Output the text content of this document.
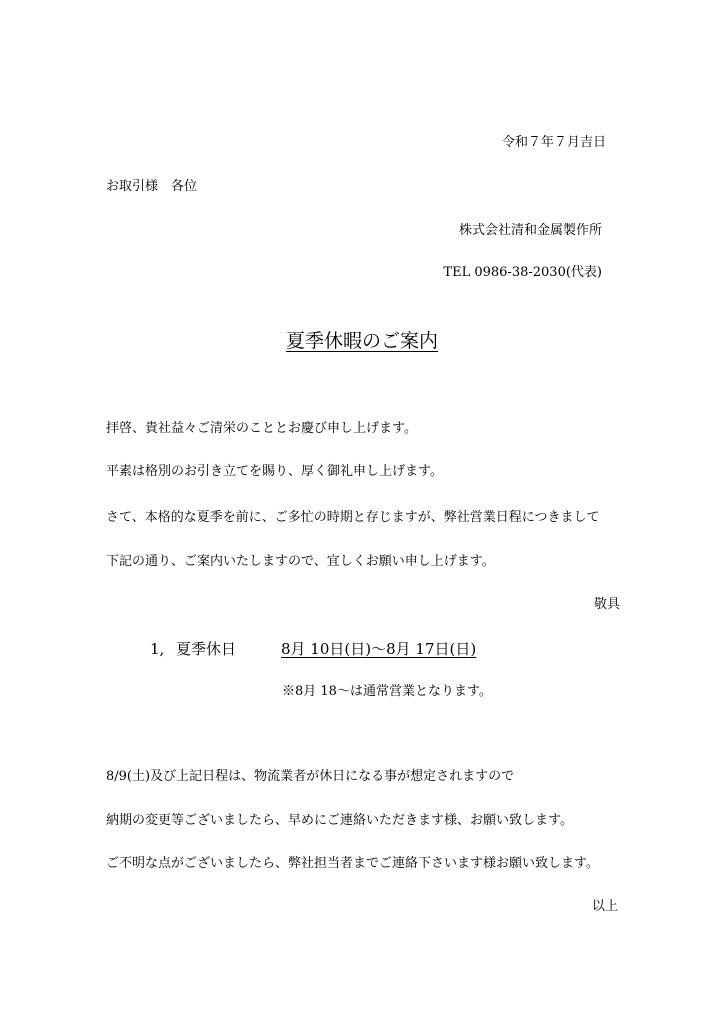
令和７年７月吉日
お取引様　各位
株式会社清和金属製作所
TEL 0986-38-2030(代表)
夏季休暇のご案内
拝啓、貴社益々ご清栄のこととお慶び申し上げます。
平素は格別のお引き立てを賜り、厚く御礼申し上げます。
さて、本格的な夏季を前に、ご多忙の時期と存じますが、弊社営業日程につきまして
下記の通り、ご案内いたしますので、宜しくお願い申し上げます。
敬具
1, 夏季休日	8月 10日(日)～8月 17日(日)
※8月 18～は通常営業となります。
8/9(土)及び上記日程は、物流業者が休日になる事が想定されますので
納期の変更等ございましたら、早めにご連絡いただきます様、お願い致します。
ご不明な点がございましたら、弊社担当者までご連絡下さいます様お願い致します。
以上
